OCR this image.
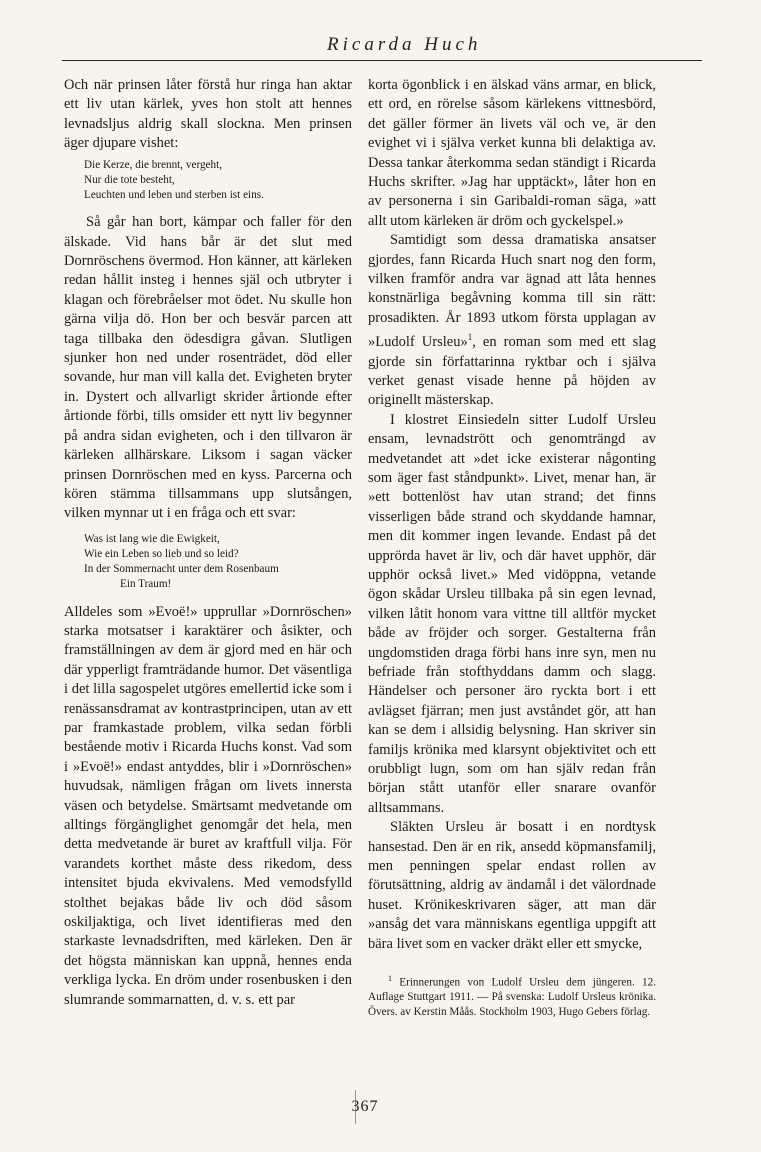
Ricarda Huch

Och när prinsen låter förstå hur ringa han aktar ett liv utan kärlek, yves hon stolt att hennes levnadsljus aldrig skall slockna. Men prinsen äger djupare vishet:

Die Kerze, die brennt, vergeht,
Nur die tote besteht,
Leuchten und leben und sterben ist eins.

Så går han bort, kämpar och faller för den älskade. Vid hans bår är det slut med Dornröschens övermod. Hon känner, att kärleken redan hållit insteg i hennes själ och utbryter i klagan och förebråelser mot ödet. Nu skulle hon gärna vilja dö. Hon ber och besvär parcen att taga tillbaka den ödesdigra gåvan. Slutligen sjunker hon ned under rosenträdet, död eller sovande, hur man vill kalla det. Evigheten bryter in. Dystert och allvarligt skrider årtionde efter årtionde förbi, tills omsider ett nytt liv begynner på andra sidan evigheten, och i den tillvaron är kärleken allhärskare. Liksom i sagan väcker prinsen Dornröschen med en kyss. Parcerna och kören stämma tillsammans upp slutsången, vilken mynnar ut i en fråga och ett svar:

Was ist lang wie die Ewigkeit,
Wie ein Leben so lieb und so leid?
In der Sommernacht unter dem Rosenbaum
Ein Traum!

Alldeles som »Evoë!» upprullar »Dornröschen» starka motsatser i karaktärer och åsikter, och framställningen av dem är gjord med en här och där ypperligt framträdande humor. Det väsentliga i det lilla sagospelet utgöres emellertid icke som i renässansdramat av kontrastprincipen, utan av ett par framkastade problem, vilka sedan förbli bestående motiv i Ricarda Huchs konst. Vad som i »Evoë!» endast antyddes, blir i »Dornröschen» huvudsak, nämligen frågan om livets innersta väsen och betydelse. Smärtsamt medvetande om alltings förgänglighet genomgår det hela, men detta medvetande är buret av kraftfull vilja. För varandets korthet måste dess rikedom, dess intensitet bjuda ekvivalens. Med vemodsfylld stolthet bejakas både liv och död såsom oskiljaktiga, och livet identifieras med den starkaste levnadsdriften, med kärleken. Den är det högsta människan kan uppnå, hennes enda verkliga lycka. En dröm under rosenbusken i den slumrande sommarnatten, d. v. s. ett par

korta ögonblick i en älskad väns armar, en blick, ett ord, en rörelse såsom kärlekens vittnesbörd, det gäller förmer än livets väl och ve, är den evighet vi i själva verket kunna bli delaktiga av. Dessa tankar återkomma sedan ständigt i Ricarda Huchs skrifter. »Jag har upptäckt», låter hon en av personerna i sin Garibaldi-roman säga, »att allt utom kärleken är dröm och gyckelspel.»

Samtidigt som dessa dramatiska ansatser gjordes, fann Ricarda Huch snart nog den form, vilken framför andra var ägnad att låta hennes konstnärliga begåvning komma till sin rätt: prosadikten. År 1893 utkom första upplagan av »Ludolf Ursleu»$^1$, en roman som med ett slag gjorde sin författarinna ryktbar och i själva verket genast visade henne på höjden av originellt mästerskap.

I klostret Einsiedeln sitter Ludolf Ursleu ensam, levnadstrött och genomträngd av medvetandet att »det icke existerar någonting som äger fast ståndpunkt». Livet, menar han, är »ett bottenlöst hav utan strand; det finns visserligen både strand och skyddande hamnar, men dit kommer ingen levande. Endast på det upprörda havet är liv, och där havet upphör, där upphör också livet.» Med vidöppna, vetande ögon skådar Ursleu tillbaka på sin egen levnad, vilken låtit honom vara vittne till alltför mycket både av fröjder och sorger. Gestalterna från ungdomstiden draga förbi hans inre syn, men nu befriade från stofthyddans damm och slagg. Händelser och personer äro ryckta bort i ett avlägset fjärran; men just avståndet gör, att han kan se dem i allsidig belysning. Han skriver sin familjs krönika med klarsynt objektivitet och ett orubbligt lugn, som om han själv redan från början stått utanför eller snarare ovanför alltsammans.

Släkten Ursleu är bosatt i en nordtysk hansestad. Den är en rik, ansedd köpmansfamilj, men penningen spelar endast rollen av förutsättning, aldrig av ändamål i det välordnade huset. Krönikeskrivaren säger, att man där »ansåg det vara människans egentliga uppgift att bära livet som en vacker dräkt eller ett smycke,

$^1$ Erinnerungen von Ludolf Ursleu dem jüngeren. 12. Auflage Stuttgart 1911. — På svenska: Ludolf Ursleus krönika. Övers. av Kerstin Måås. Stockholm 1903, Hugo Gebers förlag.
367
